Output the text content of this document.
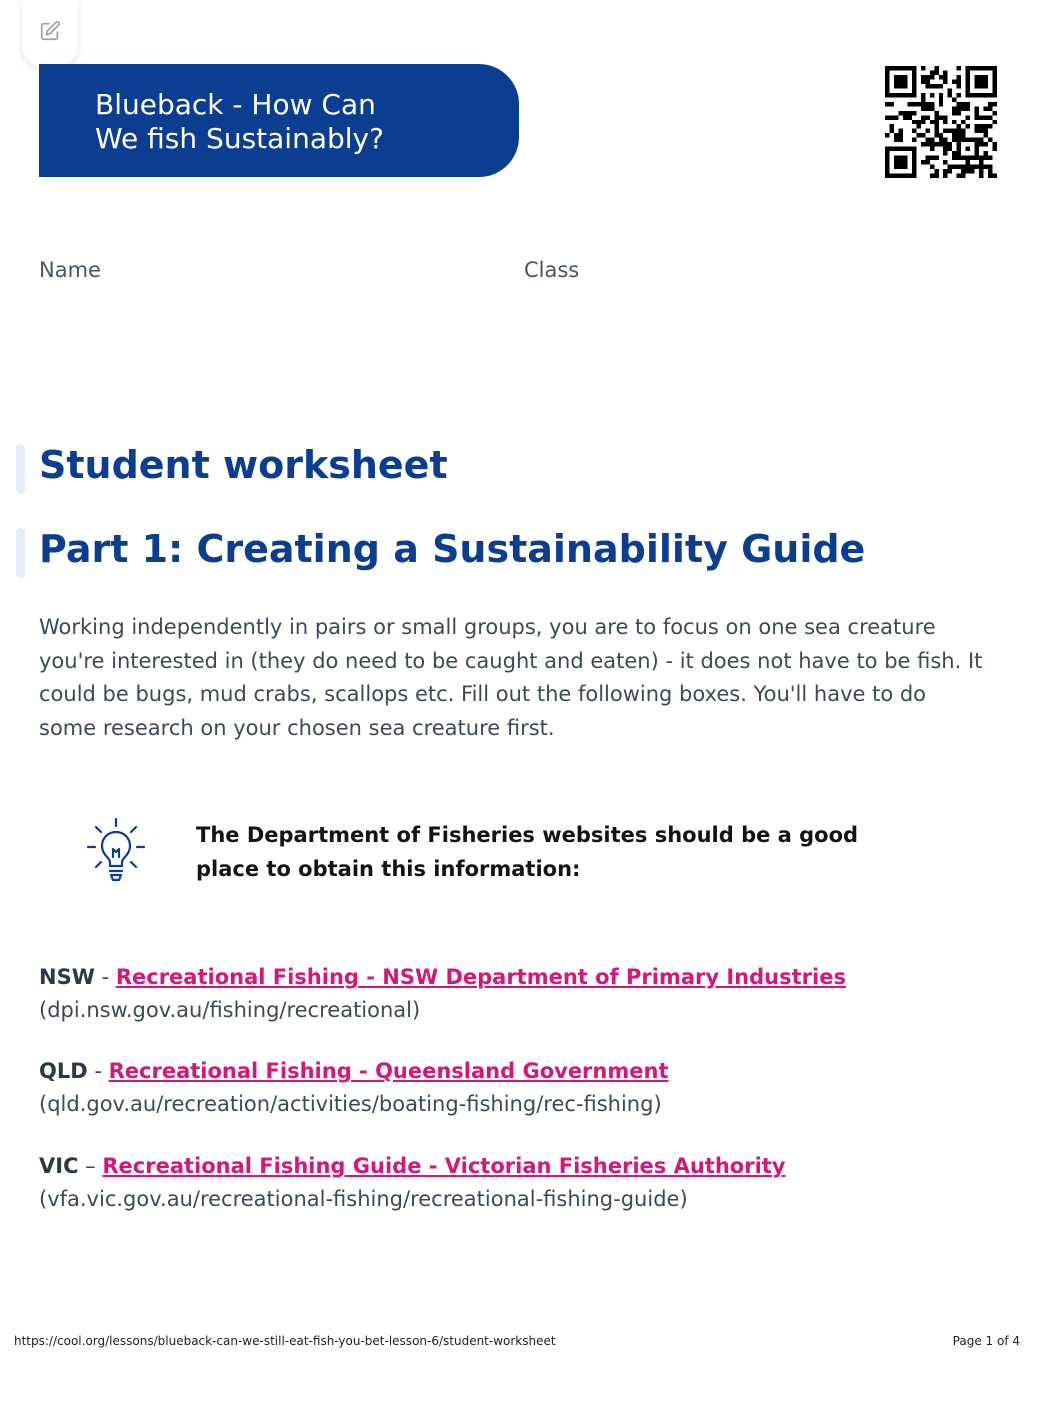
Blueback - How Can
We fish Sustainably?
Name	Class
Student worksheet
Part 1: Creating a Sustainability Guide

Working independently in pairs or small groups, you are to focus on one sea creature you're interested in (they do need to be caught and eaten) - it does not have to be fish. It could be bugs, mud crabs, scallops etc. Fill out the following boxes. You'll have to do some research on your chosen sea creature first.

The Department of Fisheries websites should be a good place to obtain this information:

NSW - Recreational Fishing - NSW Department of Primary Industries
(dpi.nsw.gov.au/fishing/recreational)
QLD - Recreational Fishing - Queensland Government
(qld.gov.au/recreation/activities/boating-fishing/rec-fishing)
VIC – Recreational Fishing Guide - Victorian Fisheries Authority
(vfa.vic.gov.au/recreational-fishing/recreational-fishing-guide)
https://cool.org/lessons/blueback-can-we-still-eat-fish-you-bet-lesson-6/student-worksheet	Page 1 of 4
